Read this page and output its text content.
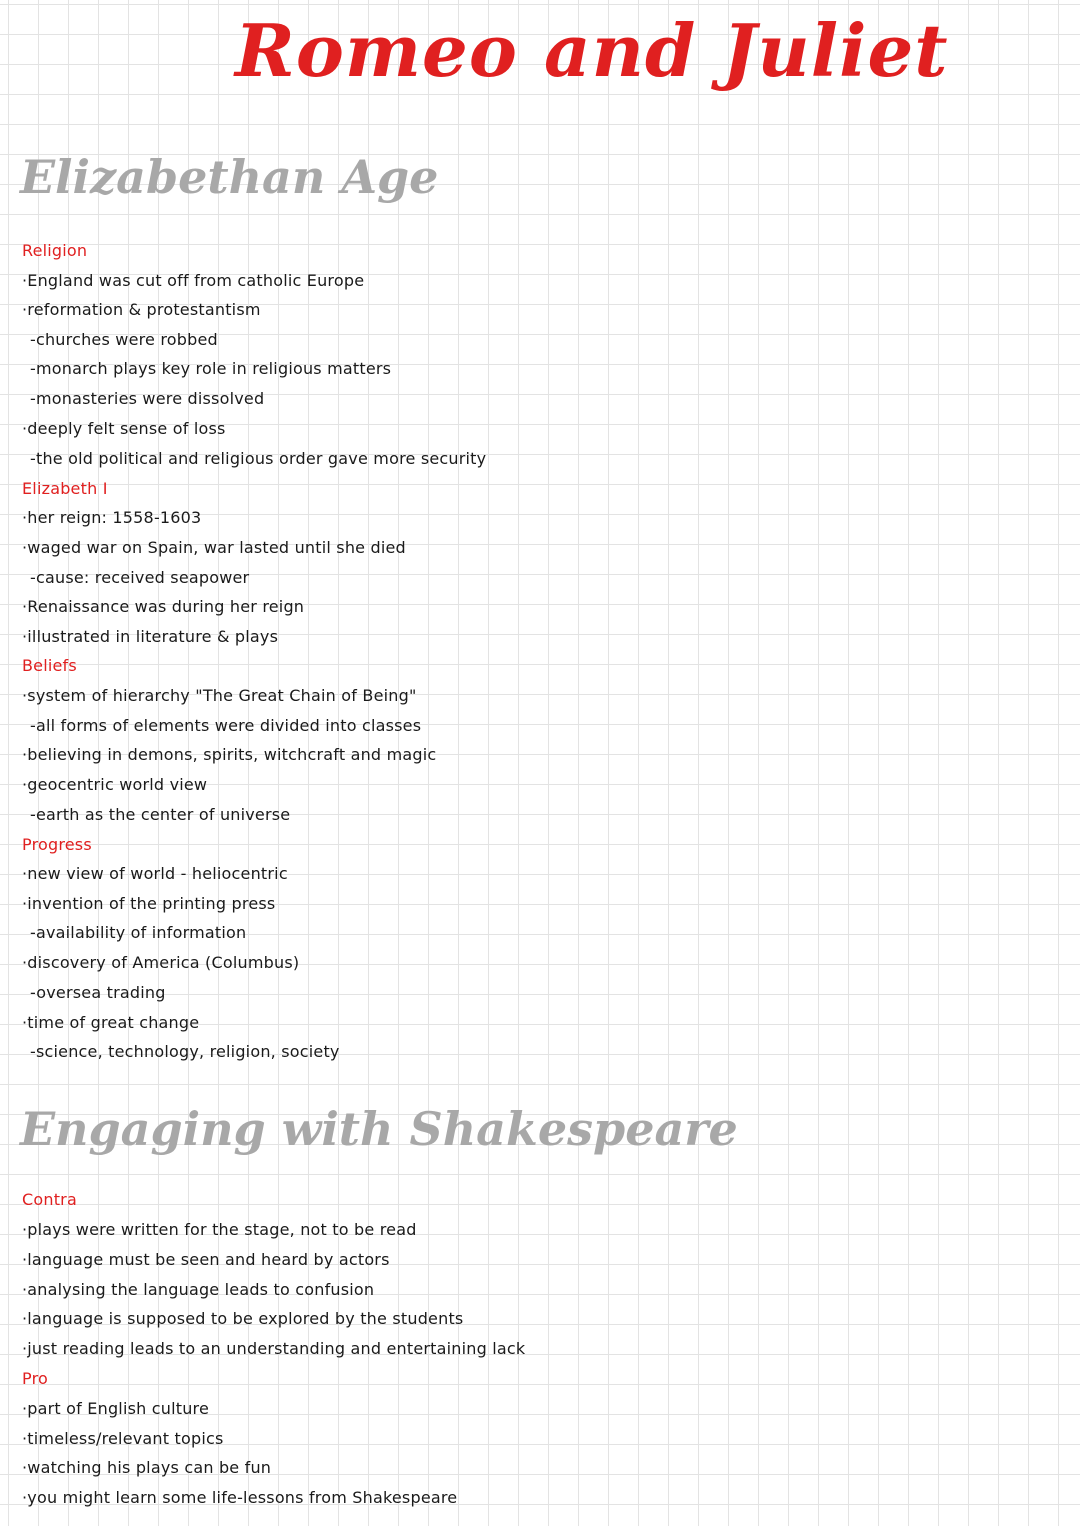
Romeo and Juliet
Elizabethan Age
Religion
·England was cut off from catholic Europe
·reformation & protestantism
-churches were robbed
-monarch plays key role in religious matters
-monasteries were dissolved
·deeply felt sense of loss
-the old political and religious order gave more security
Elizabeth I
·her reign: 1558-1603
·waged war on Spain, war lasted until she died
-cause: received seapower
·Renaissance was during her reign
·illustrated in literature & plays
Beliefs
·system of hierarchy "The Great Chain of Being"
-all forms of elements were divided into classes
·believing in demons, spirits, witchcraft and magic
·geocentric world view
-earth as the center of universe
Progress
·new view of world - heliocentric
·invention of the printing press
-availability of information
·discovery of America (Columbus)
-oversea trading
·time of great change
-science, technology, religion, society
Engaging with Shakespeare
Contra
·plays were written for the stage, not to be read
·language must be seen and heard by actors
·analysing the language leads to confusion
·language is supposed to be explored by the students
·just reading leads to an understanding and entertaining lack
Pro
·part of English culture
·timeless/relevant topics
·watching his plays can be fun
·you might learn some life-lessons from Shakespeare
